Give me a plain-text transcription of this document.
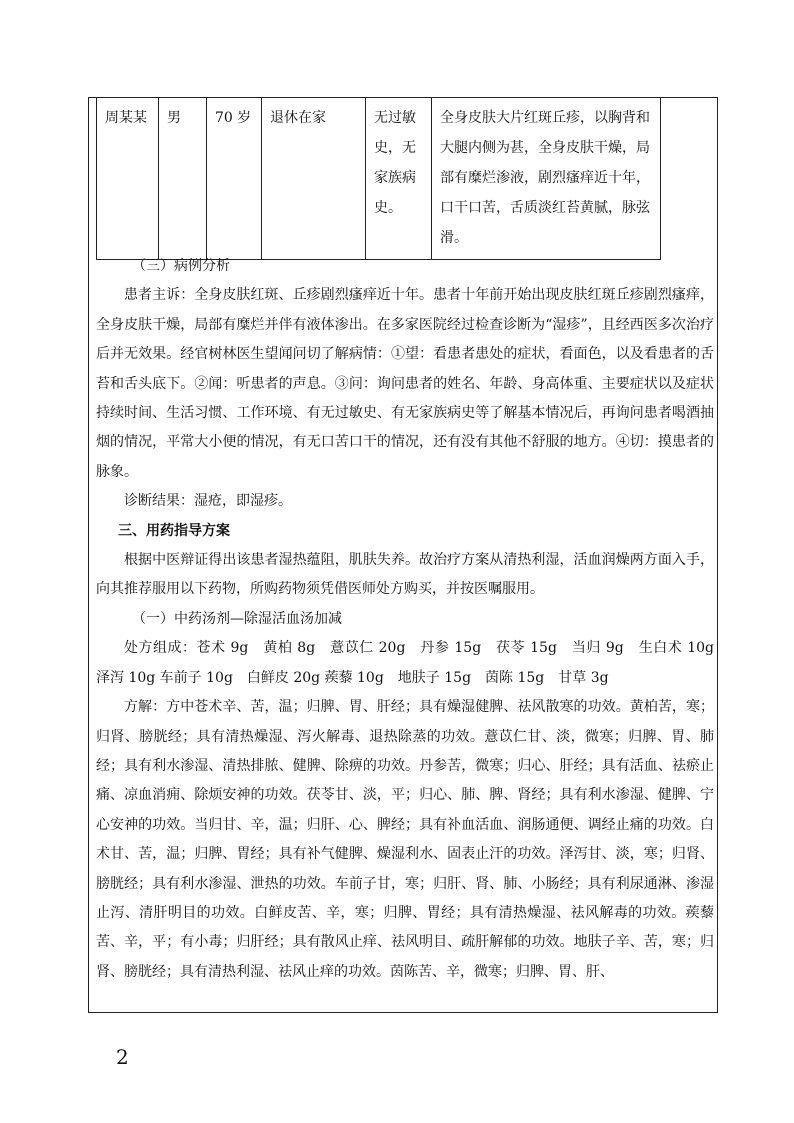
周某某	男	70 岁	退休在家	无过敏史，无家族病史。	全身皮肤大片红斑丘疹，以胸背和大腿内侧为甚，全身皮肤干燥，局部有糜烂渗液，剧烈瘙痒近十年，口干口苦，舌质淡红苔黄腻，脉弦滑。

（三）病例分析

患者主诉：全身皮肤红斑、丘疹剧烈瘙痒近十年。患者十年前开始出现皮肤红斑丘疹剧烈瘙痒，全身皮肤干燥，局部有糜烂并伴有液体渗出。在多家医院经过检查诊断为“湿疹”，且经西医多次治疗后并无效果。经官树林医生望闻问切了解病情：①望：看患者患处的症状，看面色，以及看患者的舌苔和舌头底下。②闻：听患者的声息。③问：询问患者的姓名、年龄、身高体重、主要症状以及症状持续时间、生活习惯、工作环境、有无过敏史、有无家族病史等了解基本情况后，再询问患者喝酒抽烟的情况，平常大小便的情况，有无口苦口干的情况，还有没有其他不舒服的地方。④切：摸患者的脉象。

诊断结果：湿疮，即湿疹。

三、用药指导方案

根据中医辩证得出该患者湿热蕴阻，肌肤失养。故治疗方案从清热利湿，活血润燥两方面入手，向其推荐服用以下药物，所购药物须凭借医师处方购买，并按医嘱服用。

（一）中药汤剂—除湿活血汤加减

处方组成：苍术 9g　黄柏 8g　薏苡仁 20g　丹参 15g　茯苓 15g　当归 9g　生白术 10g　泽泻 10g 车前子 10g　白鲜皮 20g 蒺藜 10g　地肤子 15g　茵陈 15g　甘草 3g

方解：方中苍术辛、苦，温；归脾、胃、肝经；具有燥湿健脾、祛风散寒的功效。黄柏苦，寒；归肾、膀胱经；具有清热燥湿、泻火解毒、退热除蒸的功效。薏苡仁甘、淡，微寒；归脾、胃、肺经；具有利水渗湿、清热排脓、健脾、除痹的功效。丹参苦，微寒；归心、肝经；具有活血、祛瘀止痛、凉血消痈、除烦安神的功效。茯苓甘、淡，平；归心、肺、脾、肾经；具有利水渗湿、健脾、宁心安神的功效。当归甘、辛，温；归肝、心、脾经；具有补血活血、润肠通便、调经止痛的功效。白术甘、苦，温；归脾、胃经；具有补气健脾、燥湿利水、固表止汗的功效。泽泻甘、淡，寒；归肾、膀胱经；具有利水渗湿、泄热的功效。车前子甘，寒；归肝、肾、肺、小肠经；具有利尿通淋、渗湿止泻、清肝明目的功效。白鲜皮苦、辛，寒；归脾、胃经；具有清热燥湿、祛风解毒的功效。蒺藜苦、辛，平；有小毒；归肝经；具有散风止痒、祛风明目、疏肝解郁的功效。地肤子辛、苦，寒；归肾、膀胱经；具有清热利湿、祛风止痒的功效。茵陈苦、辛，微寒；归脾、胃、肝、

2
